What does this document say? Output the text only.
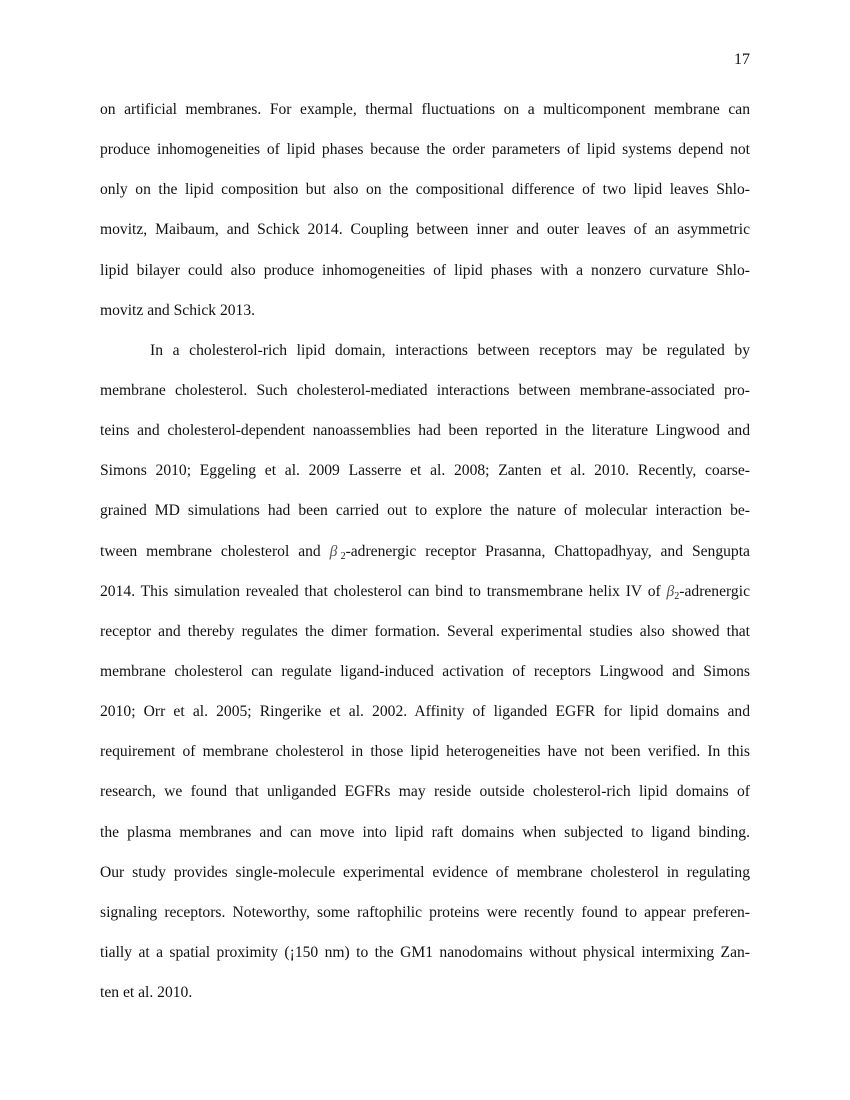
17
on artificial membranes. For example, thermal fluctuations on a multicomponent membrane can
produce inhomogeneities of lipid phases because the order parameters of lipid systems depend not
only on the lipid composition but also on the compositional difference of two lipid leaves Shlo-
movitz, Maibaum, and Schick 2014. Coupling between inner and outer leaves of an asymmetric
lipid bilayer could also produce inhomogeneities of lipid phases with a nonzero curvature Shlo-
movitz and Schick 2013.
In a cholesterol-rich lipid domain, interactions between receptors may be regulated by
membrane cholesterol. Such cholesterol-mediated interactions between membrane-associated pro-
teins and cholesterol-dependent nanoassemblies had been reported in the literature Lingwood and
Simons 2010; Eggeling et al. 2009 Lasserre et al. 2008; Zanten et al. 2010. Recently, coarse-
grained MD simulations had been carried out to explore the nature of molecular interaction be-
tween membrane cholesterol and β  $_2$-adrenergic receptor Prasanna, Chattopadhyay, and Sengupta
2014. This simulation revealed that cholesterol can bind to transmembrane helix IV of $\beta_2$-adrenergic
receptor and thereby regulates the dimer formation. Several experimental studies also showed that
membrane cholesterol can regulate ligand-induced activation of receptors Lingwood and Simons
2010; Orr et al. 2005; Ringerike et al. 2002. Affinity of liganded EGFR for lipid domains and
requirement of membrane cholesterol in those lipid heterogeneities have not been verified. In this
research, we found that unliganded EGFRs may reside outside cholesterol-rich lipid domains of
the plasma membranes and can move into lipid raft domains when subjected to ligand binding.
Our study provides single-molecule experimental evidence of membrane cholesterol in regulating
signaling receptors. Noteworthy, some raftophilic proteins were recently found to appear preferen-
tially at a spatial proximity (¡150 nm) to the GM1 nanodomains without physical intermixing Zan-
ten et al. 2010.
